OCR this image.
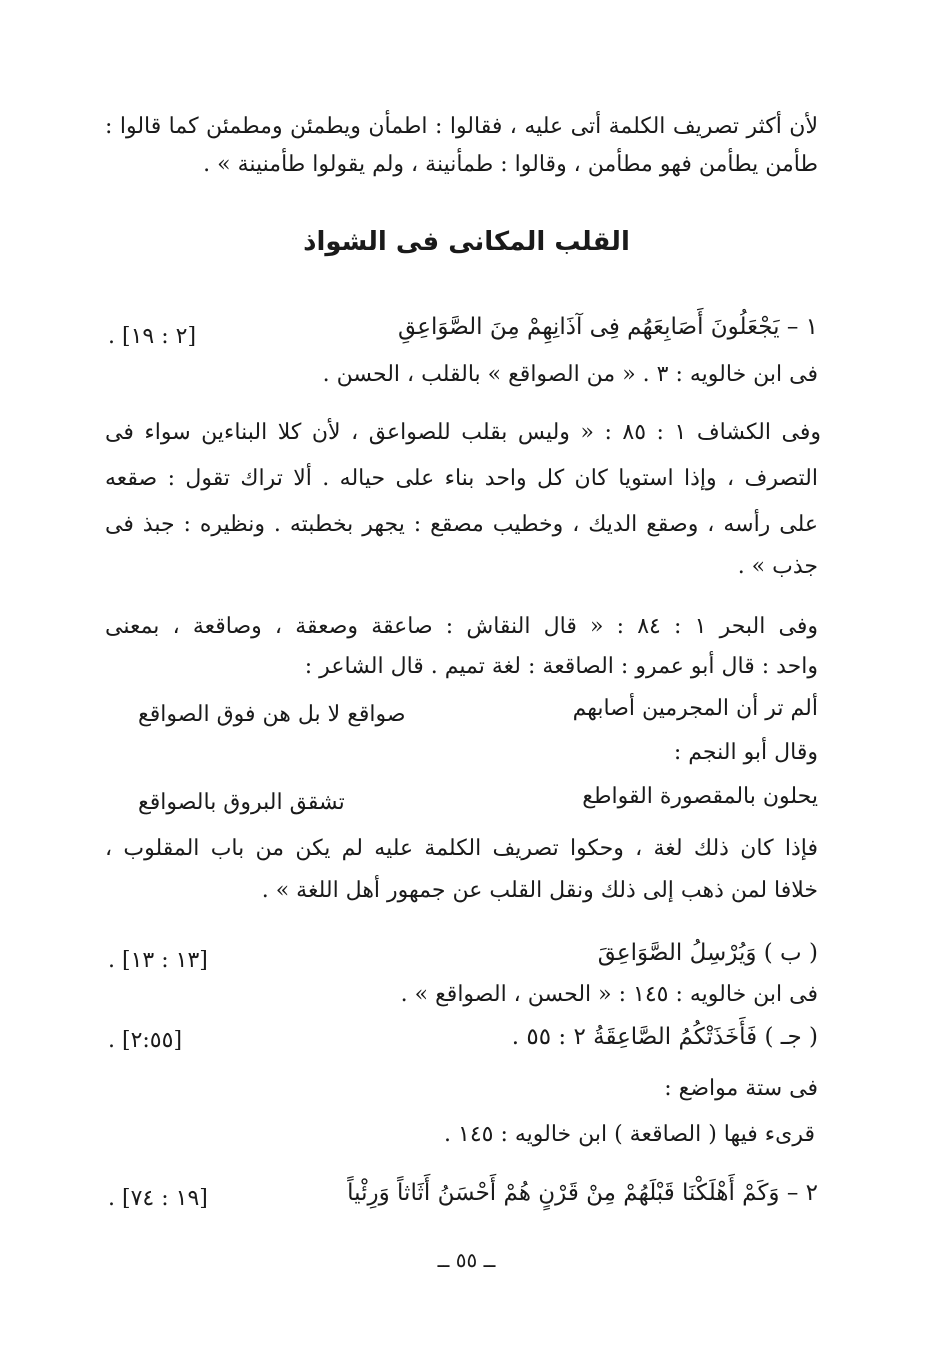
لأن أكثر تصريف الكلمة أتى عليه ، فقالوا : اطمأن ويطمئن ومطمئن كما قالوا :
طأمن يطأمن فهو مطأمن ، وقالوا : طمأنينة ، ولم يقولوا طأمنينة » .
القلب المكانى فى الشواذ
١ – يَجْعَلُونَ أَصَابِعَهُم فِى آذَانِهِمْ مِنَ الصَّوَاعِقِ
[٢ : ١٩] .
فى ابن خالويه : ٣ . « من الصواقع » بالقلب ، الحسن .
وفى الكشاف ١ : ٨٥ : « وليس بقلب للصواعق ، لأن كلا البناءين سواء فى
التصرف ، وإذا استويا كان كل واحد بناء على حياله . ألا تراك تقول : صقعه
على رأسه ، وصقع الديك ، وخطيب مصقع : يجهر بخطبته . ونظيره : جبذ فى
جذب » .
وفى البحر ١ : ٨٤ : « قال النقاش : صاعقة وصعقة ، وصاقعة ، بمعنى
واحد : قال أبو عمرو : الصاقعة : لغة تميم . قال الشاعر :
ألم تر أن المجرمين أصابهم
صواقع لا بل هن فوق الصواقع
وقال أبو النجم :
يحلون بالمقصورة القواطع
تشقق البروق بالصواقع
فإذا كان ذلك لغة ، وحكوا تصريف الكلمة عليه لم يكن من باب المقلوب ،
خلافا لمن ذهب إلى ذلك ونقل القلب عن جمهور أهل اللغة » .
( ب ) وَيُرْسِلُ الصَّوَاعِقَ
[١٣ : ١٣] .
فى ابن خالويه : ١٤٥ : « الحسن ، الصواقع » .
( جـ ) فَأَخَذَتْكُمُ الصَّاعِقَةُ ٢ : ٥٥ .
[٢:٥٥] .
فى ستة مواضع :
قرىء فيها ( الصاقعة ) ابن خالويه : ١٤٥ .
٢ – وَكَمْ أَهْلَكْنَا قَبْلَهُمْ مِنْ قَرْنٍ هُمْ أَحْسَنُ أَثَاثاً وَرِئْياً
[١٩ : ٧٤] .
ــ ٥٥ ــ
